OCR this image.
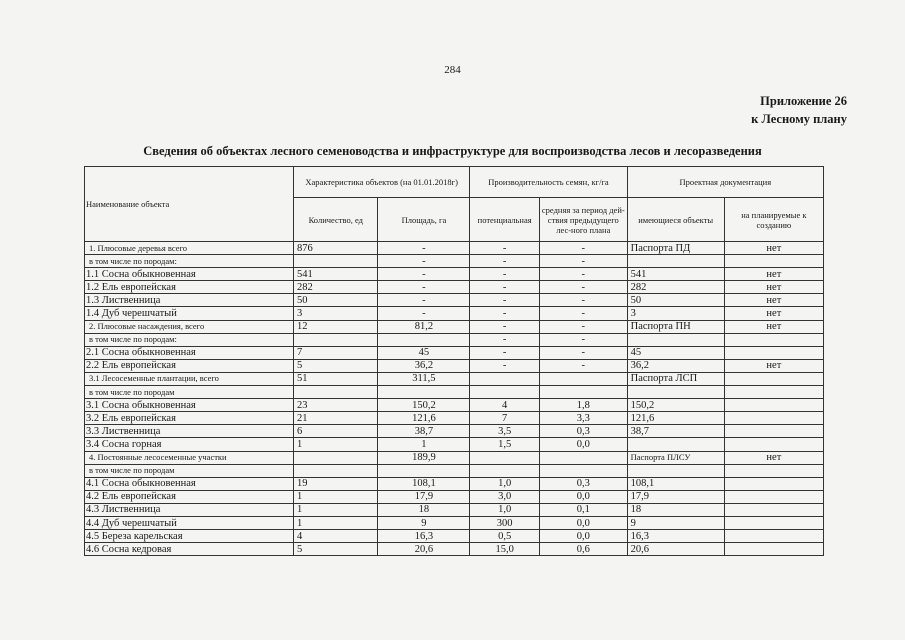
284
Приложение 26
к Лесному плану
Сведения об объектах лесного семеноводства и инфраструктуре для воспроизводства лесов и лесоразведения
Наименование объекта	Характеристика объектов (на 01.01.2018г)		Производительность семян, кг/га		Проектная документация	
	Количество, ед	Площадь, га	потенциальная	средняя за период дей-ствия предыдущего лес-ного плана	имеющиеся объекты	на планируемые к созданию
1. Плюсовые деревья всего	876	-	-	-	Паспорта ПД	нет
в том числе по породам:		-	-	-		
1.1 Сосна обыкновенная	541	-	-	-	541	нет
1.2 Ель европейская	282	-	-	-	282	нет
1.3 Лиственница	50	-	-	-	50	нет
1.4 Дуб черешчатый	3	-	-	-	3	нет
2. Плюсовые насаждения, всего	12	81,2	-	-	Паспорта ПН	нет
в том числе по породам:			-	-		
2.1 Сосна обыкновенная	7	45	-	-	45	
2.2 Ель европейская	5	36,2	-	-	36,2	нет
3.1 Лесосеменные плантации, всего	51	311,5			Паспорта ЛСП	
в том числе по породам						
3.1 Сосна обыкновенная	23	150,2	4	1,8	150,2	
3.2 Ель европейская	21	121,6	7	3,3	121,6	
3.3 Лиственница	6	38,7	3,5	0,3	38,7	
3.4 Сосна горная	1	1	1,5	0,0		
4. Постоянные лесосеменные участки		189,9			Паспорта ПЛСУ	нет
в том числе по породам						
4.1 Сосна обыкновенная	19	108,1	1,0	0,3	108,1	
4.2 Ель европейская	1	17,9	3,0	0,0	17,9	
4.3 Лиственница	1	18	1,0	0,1	18	
4.4 Дуб черешчатый	1	9	300	0,0	9	
4.5 Береза карельская	4	16,3	0,5	0,0	16,3	
4.6 Сосна кедровая	5	20,6	15,0	0,6	20,6	
